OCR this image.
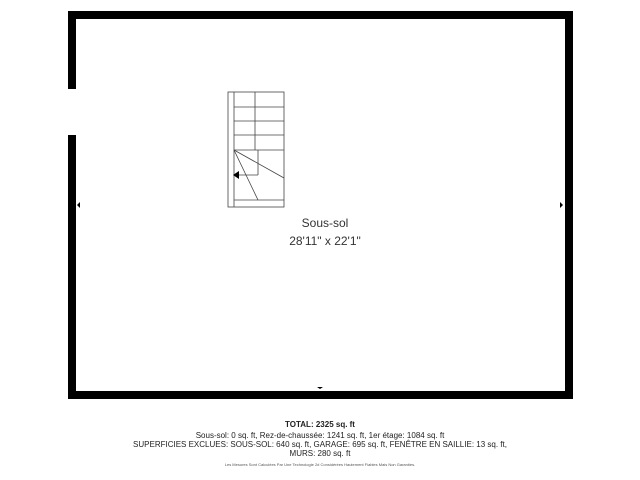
Sous-sol
28'11" x 22'1"
TOTAL: 2325 sq. ft
Sous-sol: 0 sq. ft, Rez-de-chaussée: 1241 sq. ft, 1er étage: 1084 sq. ft
SUPERFICIES EXCLUES: SOUS-SOL: 640 sq. ft, GARAGE: 695 sq. ft, FENÊTRE EN SAILLIE: 13 sq. ft,
MURS: 280 sq. ft
Les Mesures Sont Calculées Par Une Technologie 2d Considérées Hautement Fiables Mais Non Garanties.
